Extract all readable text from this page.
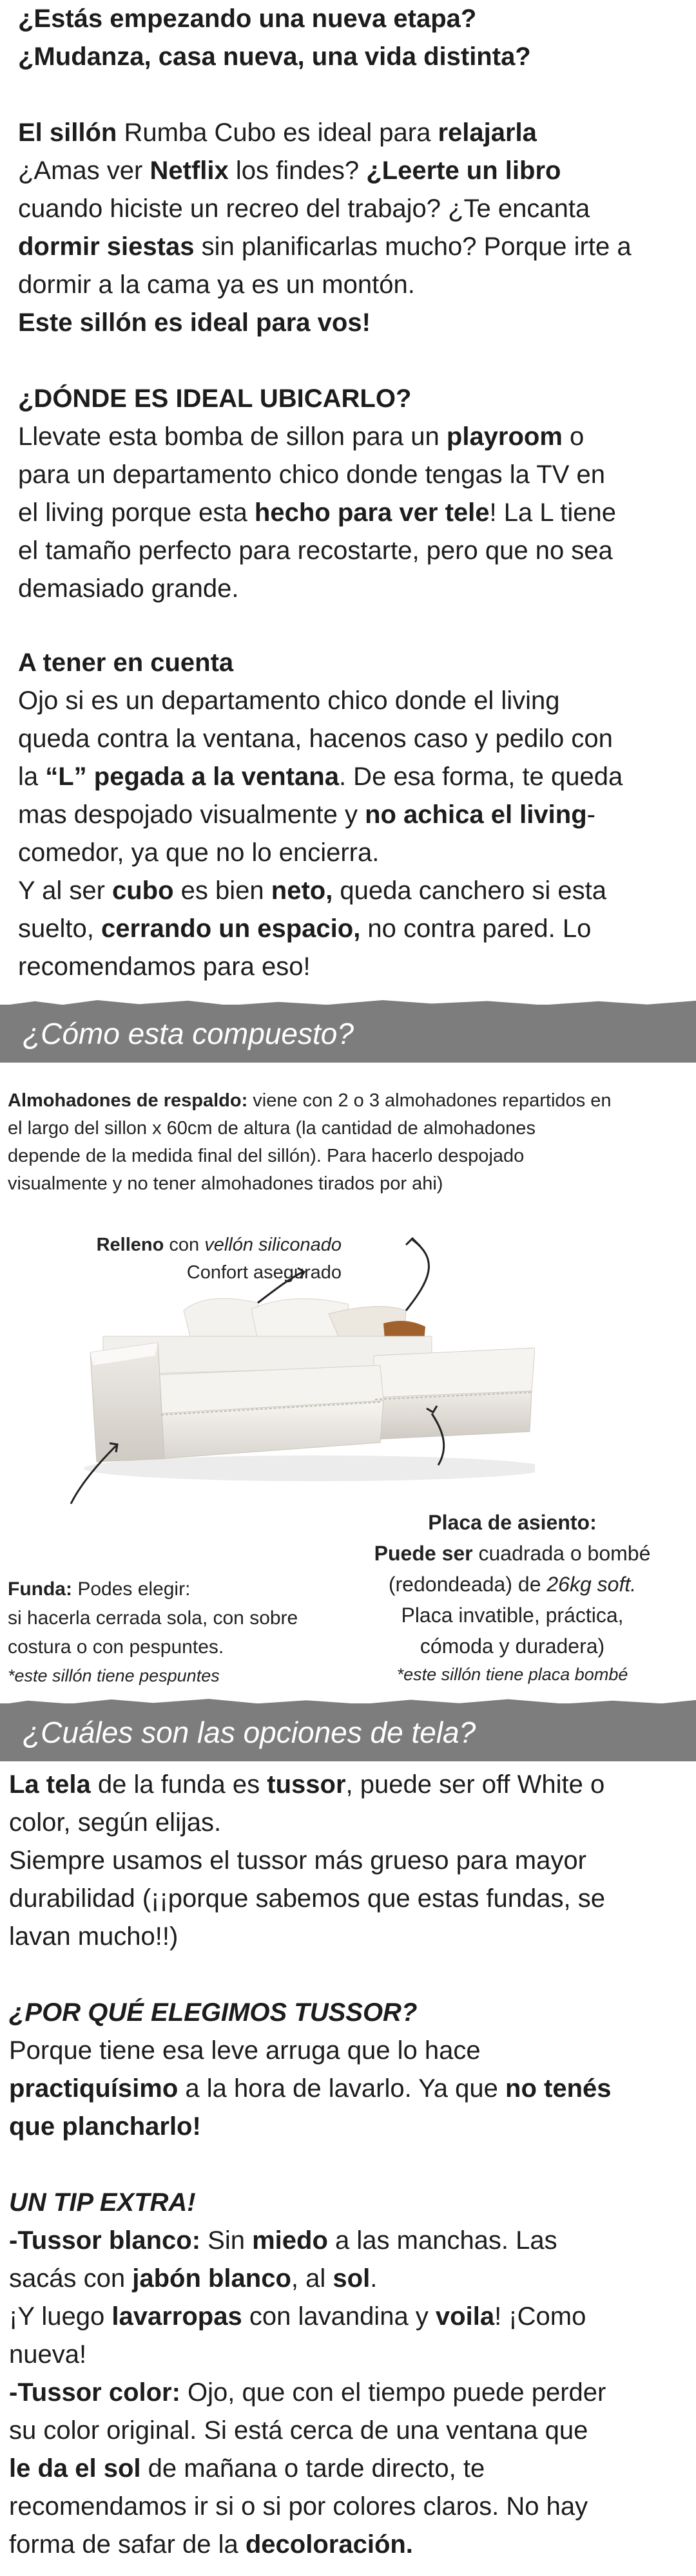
¿Estás empezando una nueva etapa?

¿Mudanza, casa nueva, una vida distinta?

El sillón Rumba Cubo es ideal para relajarla

¿Amas ver Netflix los findes? ¿Leerte un libro

cuando hiciste un recreo del trabajo? ¿Te encanta

dormir siestas sin planificarlas mucho? Porque irte a

dormir a la cama ya es un montón.

Este sillón es ideal para vos!

¿DÓNDE ES IDEAL UBICARLO?

Llevate esta bomba de sillon para un playroom o

para un departamento chico donde tengas la TV en

el living porque esta hecho para ver tele! La L tiene

el tamaño perfecto para recostarte, pero que no sea

demasiado grande.

A tener en cuenta

Ojo si es un departamento chico donde el living

queda contra la ventana, hacenos caso y pedilo con

la “L” pegada a la ventana. De esa forma, te queda

mas despojado visualmente y no achica el living-

comedor, ya que no lo encierra.

Y al ser cubo es bien neto, queda canchero si esta

suelto, cerrando un espacio, no contra pared. Lo

recomendamos para eso!

¿Cómo esta compuesto?

Almohadones de respaldo: viene con 2 o 3 almohadones repartidos en

el largo del sillon x 60cm de altura (la cantidad de almohadones

depende de la medida final del sillón). Para hacerlo despojado

visualmente y no tener almohadones tirados por ahi)

Relleno con vellón siliconado

Confort asegurado

Placa de asiento:

Puede ser cuadrada o bombé

(redondeada) de 26kg soft.

Placa invatible, práctica,

cómoda y duradera)

*este sillón tiene placa bombé

Funda: Podes elegir:

si hacerla cerrada sola, con sobre

costura o con pespuntes.

*este sillón tiene pespuntes

¿Cuáles son las opciones de tela?

La tela de la funda es tussor, puede ser off White o

color, según elijas.

Siempre usamos el tussor más grueso para mayor

durabilidad (¡¡porque sabemos que estas fundas, se

lavan mucho!!)

¿POR QUÉ ELEGIMOS TUSSOR?

Porque tiene esa leve arruga que lo hace

practiquísimo a la hora de lavarlo. Ya que no tenés

que plancharlo!

UN TIP EXTRA!

-Tussor blanco: Sin miedo a las manchas. Las

sacás con jabón blanco, al sol.

¡Y luego lavarropas con lavandina y voila! ¡Como

nueva!

-Tussor color: Ojo, que con el tiempo puede perder

su color original. Si está cerca de una ventana que

le da el sol de mañana o tarde directo, te

recomendamos ir si o si por colores claros. No hay

forma de safar de la decoloración.
